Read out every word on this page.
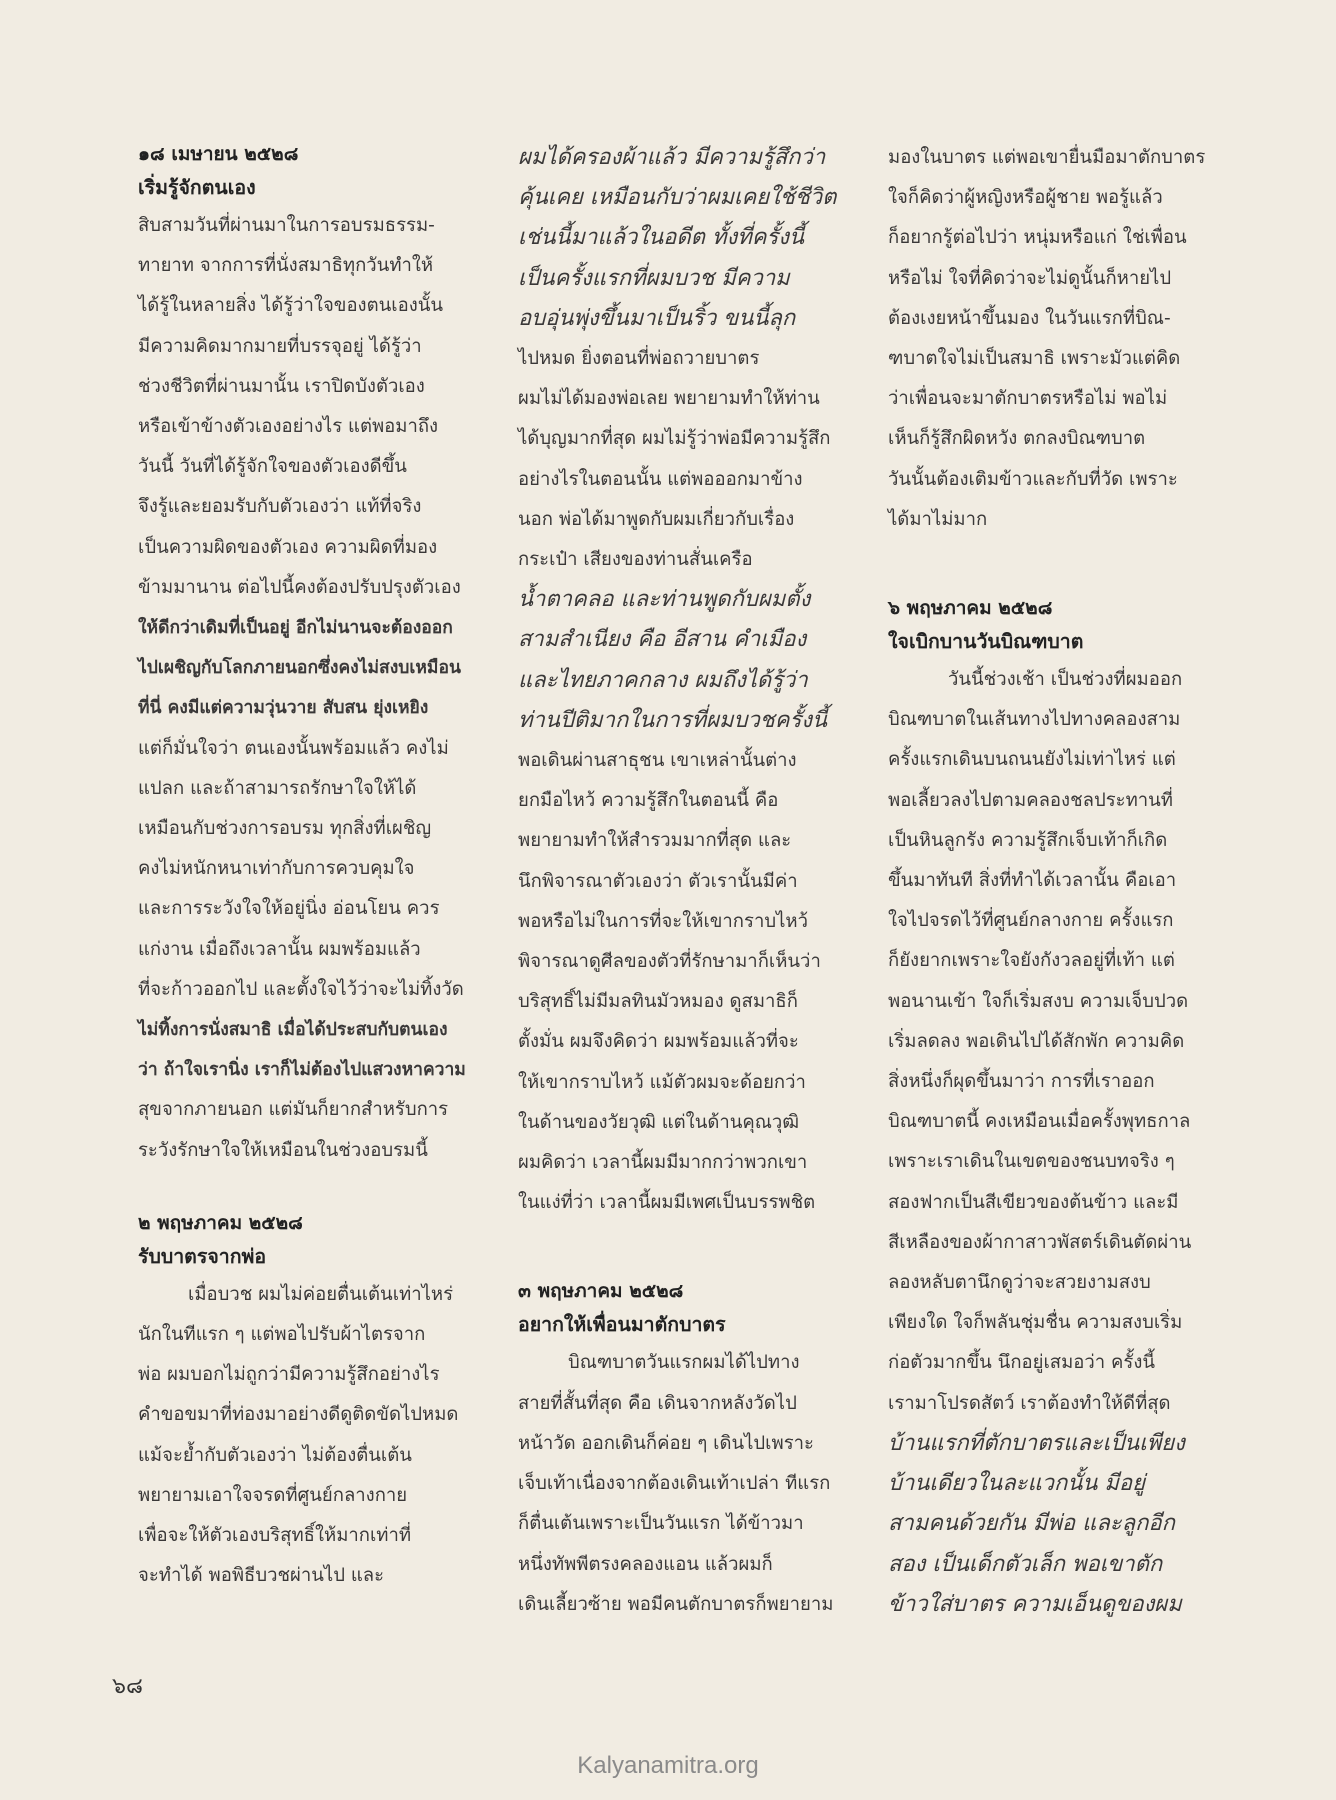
๑๘ เมษายน ๒๕๒๘
เริ่มรู้จักตนเอง
สิบสามวันที่ผ่านมาในการอบรมธรรม-
ทายาท จากการที่นั่งสมาธิทุกวันทำให้
ได้รู้ในหลายสิ่ง ได้รู้ว่าใจของตนเองนั้น
มีความคิดมากมายที่บรรจุอยู่ ได้รู้ว่า
ช่วงชีวิตที่ผ่านมานั้น เราปิดบังตัวเอง
หรือเข้าข้างตัวเองอย่างไร แต่พอมาถึง
วันนี้ วันที่ได้รู้จักใจของตัวเองดีขึ้น
จึงรู้และยอมรับกับตัวเองว่า แท้ที่จริง
เป็นความผิดของตัวเอง ความผิดที่มอง
ข้ามมานาน ต่อไปนี้คงต้องปรับปรุงตัวเอง
ให้ดีกว่าเดิมที่เป็นอยู่ อีกไม่นานจะต้องออก
ไปเผชิญกับโลกภายนอกซึ่งคงไม่สงบเหมือน
ที่นี่ คงมีแต่ความวุ่นวาย สับสน ยุ่งเหยิง
แต่ก็มั่นใจว่า ตนเองนั้นพร้อมแล้ว คงไม่
แปลก และถ้าสามารถรักษาใจให้ได้
เหมือนกับช่วงการอบรม ทุกสิ่งที่เผชิญ
คงไม่หนักหนาเท่ากับการควบคุมใจ
และการระวังใจให้อยู่นิ่ง อ่อนโยน ควร
แก่งาน เมื่อถึงเวลานั้น ผมพร้อมแล้ว
ที่จะก้าวออกไป และตั้งใจไว้ว่าจะไม่ทิ้งวัด
ไม่ทิ้งการนั่งสมาธิ เมื่อได้ประสบกับตนเอง
ว่า ถ้าใจเรานิ่ง เราก็ไม่ต้องไปแสวงหาความ
สุขจากภายนอก แต่มันก็ยากสำหรับการ
ระวังรักษาใจให้เหมือนในช่วงอบรมนี้
๒ พฤษภาคม ๒๕๒๘
รับบาตรจากพ่อ
เมื่อบวช ผมไม่ค่อยตื่นเต้นเท่าไหร่
นักในทีแรก ๆ แต่พอไปรับผ้าไตรจาก
พ่อ ผมบอกไม่ถูกว่ามีความรู้สึกอย่างไร
คำขอขมาที่ท่องมาอย่างดีดูติดขัดไปหมด
แม้จะย้ำกับตัวเองว่า ไม่ต้องตื่นเต้น
พยายามเอาใจจรดที่ศูนย์กลางกาย
เพื่อจะให้ตัวเองบริสุทธิ์ให้มากเท่าที่
จะทำได้ พอพิธีบวชผ่านไป และ
ผมได้ครองผ้าแล้ว มีความรู้สึกว่า
คุ้นเคย เหมือนกับว่าผมเคยใช้ชีวิต
เช่นนี้มาแล้วในอดีต ทั้งที่ครั้งนี้
เป็นครั้งแรกที่ผมบวช มีความ
อบอุ่นพุ่งขึ้นมาเป็นริ้ว ขนนี้ลุก
ไปหมด ยิ่งตอนที่พ่อถวายบาตร
ผมไม่ได้มองพ่อเลย พยายามทำให้ท่าน
ได้บุญมากที่สุด ผมไม่รู้ว่าพ่อมีความรู้สึก
อย่างไรในตอนนั้น แต่พอออกมาข้าง
นอก พ่อได้มาพูดกับผมเกี่ยวกับเรื่อง
กระเป๋า เสียงของท่านสั่นเครือ
น้ำตาคลอ และท่านพูดกับผมตั้ง
สามสำเนียง คือ อีสาน คำเมือง
และไทยภาคกลาง ผมถึงได้รู้ว่า
ท่านปีติมากในการที่ผมบวชครั้งนี้
พอเดินผ่านสาธุชน เขาเหล่านั้นต่าง
ยกมือไหว้ ความรู้สึกในตอนนี้ คือ
พยายามทำให้สำรวมมากที่สุด และ
นึกพิจารณาตัวเองว่า ตัวเรานั้นมีค่า
พอหรือไม่ในการที่จะให้เขากราบไหว้
พิจารณาดูศีลของตัวที่รักษามาก็เห็นว่า
บริสุทธิ์ไม่มีมลทินมัวหมอง ดูสมาธิก็
ตั้งมั่น ผมจึงคิดว่า ผมพร้อมแล้วที่จะ
ให้เขากราบไหว้ แม้ตัวผมจะด้อยกว่า
ในด้านของวัยวุฒิ แต่ในด้านคุณวุฒิ
ผมคิดว่า เวลานี้ผมมีมากกว่าพวกเขา
ในแง่ที่ว่า เวลานี้ผมมีเพศเป็นบรรพชิต
๓ พฤษภาคม ๒๕๒๘
อยากให้เพื่อนมาตักบาตร
บิณฑบาตวันแรกผมได้ไปทาง
สายที่สั้นที่สุด คือ เดินจากหลังวัดไป
หน้าวัด ออกเดินก็ค่อย ๆ เดินไปเพราะ
เจ็บเท้าเนื่องจากต้องเดินเท้าเปล่า ทีแรก
ก็ตื่นเต้นเพราะเป็นวันแรก ได้ข้าวมา
หนึ่งทัพพีตรงคลองแอน แล้วผมก็
เดินเลี้ยวซ้าย พอมีคนตักบาตรก็พยายาม
มองในบาตร แต่พอเขายื่นมือมาตักบาตร
ใจก็คิดว่าผู้หญิงหรือผู้ชาย พอรู้แล้ว
ก็อยากรู้ต่อไปว่า หนุ่มหรือแก่ ใช่เพื่อน
หรือไม่ ใจที่คิดว่าจะไม่ดูนั้นก็หายไป
ต้องเงยหน้าขึ้นมอง ในวันแรกที่บิณ-
ฑบาตใจไม่เป็นสมาธิ เพราะมัวแต่คิด
ว่าเพื่อนจะมาตักบาตรหรือไม่ พอไม่
เห็นก็รู้สึกผิดหวัง ตกลงบิณฑบาต
วันนั้นต้องเติมข้าวและกับที่วัด เพราะ
ได้มาไม่มาก
๖ พฤษภาคม ๒๕๒๘
ใจเบิกบานวันบิณฑบาต
วันนี้ช่วงเช้า เป็นช่วงที่ผมออก
บิณฑบาตในเส้นทางไปทางคลองสาม
ครั้งแรกเดินบนถนนยังไม่เท่าไหร่ แต่
พอเลี้ยวลงไปตามคลองชลประทานที่
เป็นหินลูกรัง ความรู้สึกเจ็บเท้าก็เกิด
ขึ้นมาทันที สิ่งที่ทำได้เวลานั้น คือเอา
ใจไปจรดไว้ที่ศูนย์กลางกาย ครั้งแรก
ก็ยังยากเพราะใจยังกังวลอยู่ที่เท้า แต่
พอนานเข้า ใจก็เริ่มสงบ ความเจ็บปวด
เริ่มลดลง พอเดินไปได้สักพัก ความคิด
สิ่งหนึ่งก็ผุดขึ้นมาว่า การที่เราออก
บิณฑบาตนี้ คงเหมือนเมื่อครั้งพุทธกาล
เพราะเราเดินในเขตของชนบทจริง ๆ
สองฟากเป็นสีเขียวของต้นข้าว และมี
สีเหลืองของผ้ากาสาวพัสตร์เดินตัดผ่าน
ลองหลับตานึกดูว่าจะสวยงามสงบ
เพียงใด ใจก็พลันชุ่มชื่น ความสงบเริ่ม
ก่อตัวมากขึ้น นึกอยู่เสมอว่า ครั้งนี้
เรามาโปรดสัตว์ เราต้องทำให้ดีที่สุด
บ้านแรกที่ตักบาตรและเป็นเพียง
บ้านเดียวในละแวกนั้น มีอยู่
สามคนด้วยกัน มีพ่อ และลูกอีก
สอง เป็นเด็กตัวเล็ก พอเขาตัก
ข้าวใส่บาตร ความเอ็นดูของผม
๖๘
Kalyanamitra.org
